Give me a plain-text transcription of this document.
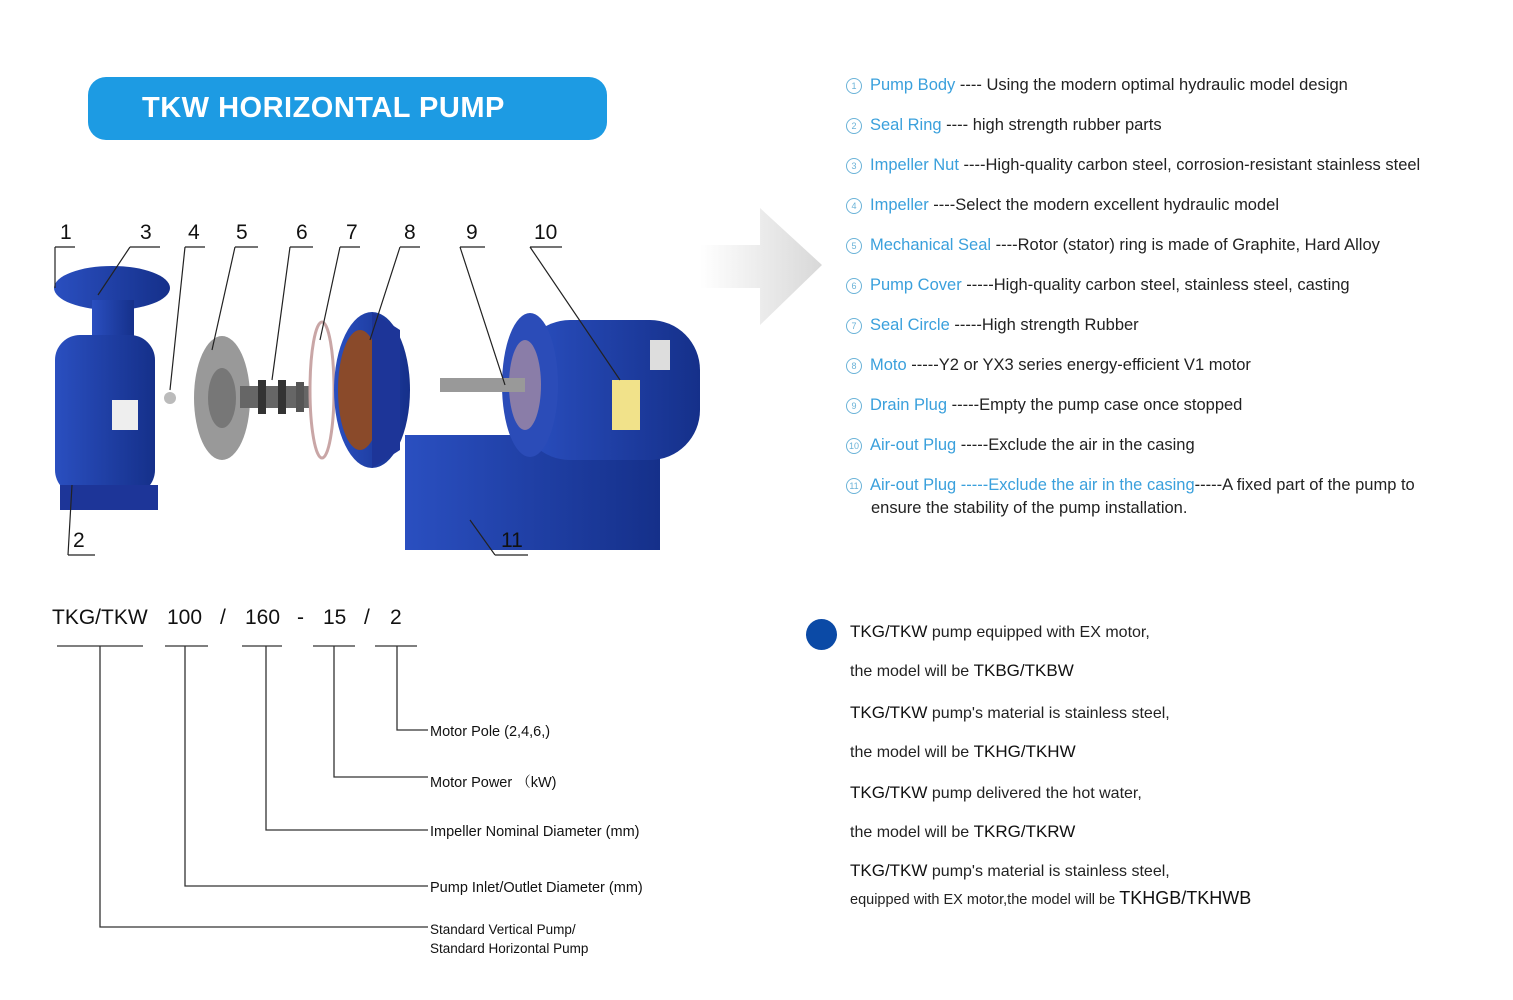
TKW HORIZONTAL PUMP
1
2
3 4 5 6 7 8 9	10
11
1 Pump Body ---- Using the modern optimal hydraulic model design
2 Seal Ring ---- high strength rubber parts
3 Impeller Nut ----High-quality carbon steel, corrosion-resistant stainless steel
4 Impeller ----Select the modern excellent hydraulic model
5 Mechanical Seal ----Rotor (stator) ring is made of Graphite, Hard Alloy
6 Pump Cover -----High-quality carbon steel, stainless steel, casting
7 Seal Circle -----High strength Rubber
8 Moto -----Y2 or YX3 series energy-efficient V1 motor
9 Drain Plug -----Empty the pump case once stopped
10 Air-out Plug -----Exclude the air in the casing
11 Air-out Plug -----Exclude the air in the casing-----A fixed part of the pump to
ensure the stability of the pump installation.
TKG/TKW 100 / 160 - 15 / 2
Motor Pole (2,4,6,)
Motor Power （kW)
Impeller Nominal Diameter (mm)
Pump Inlet/Outlet Diameter (mm)
Standard Vertical Pump/
Standard Horizontal Pump
TKG/TKW pump equipped with EX motor,
the model will be TKBG/TKBW
TKG/TKW pump's material is stainless steel,
the model will be TKHG/TKHW
TKG/TKW pump delivered the hot water,
the model will be TKRG/TKRW
TKG/TKW pump's material is stainless steel,
equipped with EX motor,the model will be TKHGB/TKHWB
